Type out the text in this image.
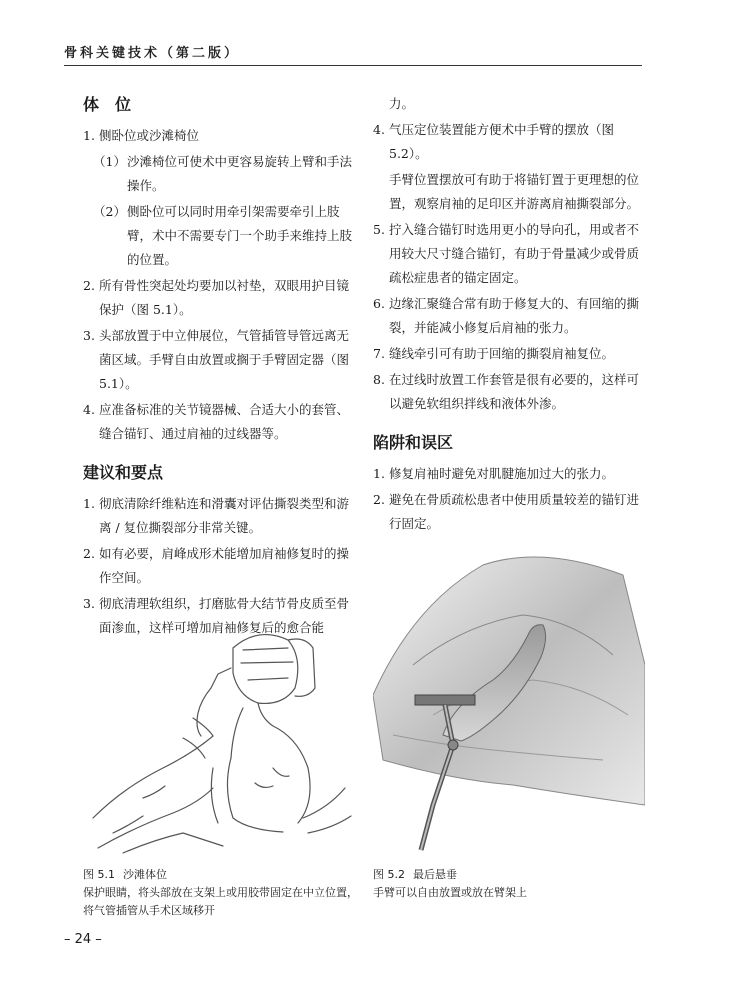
骨科关键技术（第二版）
体　位
1. 侧卧位或沙滩椅位
（1） 沙滩椅位可使术中更容易旋转上臂和手法操作。
（2） 侧卧位可以同时用牵引架需要牵引上肢臂，术中不需要专门一个助手来维持上肢的位置。
2. 所有骨性突起处均要加以衬垫，双眼用护目镜保护（图 5.1）。
3. 头部放置于中立伸展位，气管插管导管远离无菌区域。手臂自由放置或搁于手臂固定器（图 5.1）。
4. 应准备标准的关节镜器械、合适大小的套管、缝合锚钉、通过肩袖的过线器等。
建议和要点
1. 彻底清除纤维粘连和滑囊对评估撕裂类型和游离 / 复位撕裂部分非常关键。
2. 如有必要，肩峰成形术能增加肩袖修复时的操作空间。
3. 彻底清理软组织，打磨肱骨大结节骨皮质至骨面渗血，这样可增加肩袖修复后的愈合能
力。
4. 气压定位装置能方便术中手臂的摆放（图 5.2）。
手臂位置摆放可有助于将锚钉置于更理想的位置，观察肩袖的足印区并游离肩袖撕裂部分。
5. 拧入缝合锚钉时选用更小的导向孔，用或者不用较大尺寸缝合锚钉，有助于骨量减少或骨质疏松症患者的锚定固定。
6. 边缘汇聚缝合常有助于修复大的、有回缩的撕裂，并能减小修复后肩袖的张力。
7. 缝线牵引可有助于回缩的撕裂肩袖复位。
8. 在过线时放置工作套管是很有必要的，这样可以避免软组织拌线和液体外渗。
陷阱和误区
1. 修复肩袖时避免对肌腱施加过大的张力。
2. 避免在骨质疏松患者中使用质量较差的锚钉进行固定。
图 5.1 沙滩体位
保护眼睛，将头部放在支架上或用胶带固定在中立位置，将气管插管从手术区域移开
图 5.2 最后悬垂
手臂可以自由放置或放在臂架上
– 24 –
